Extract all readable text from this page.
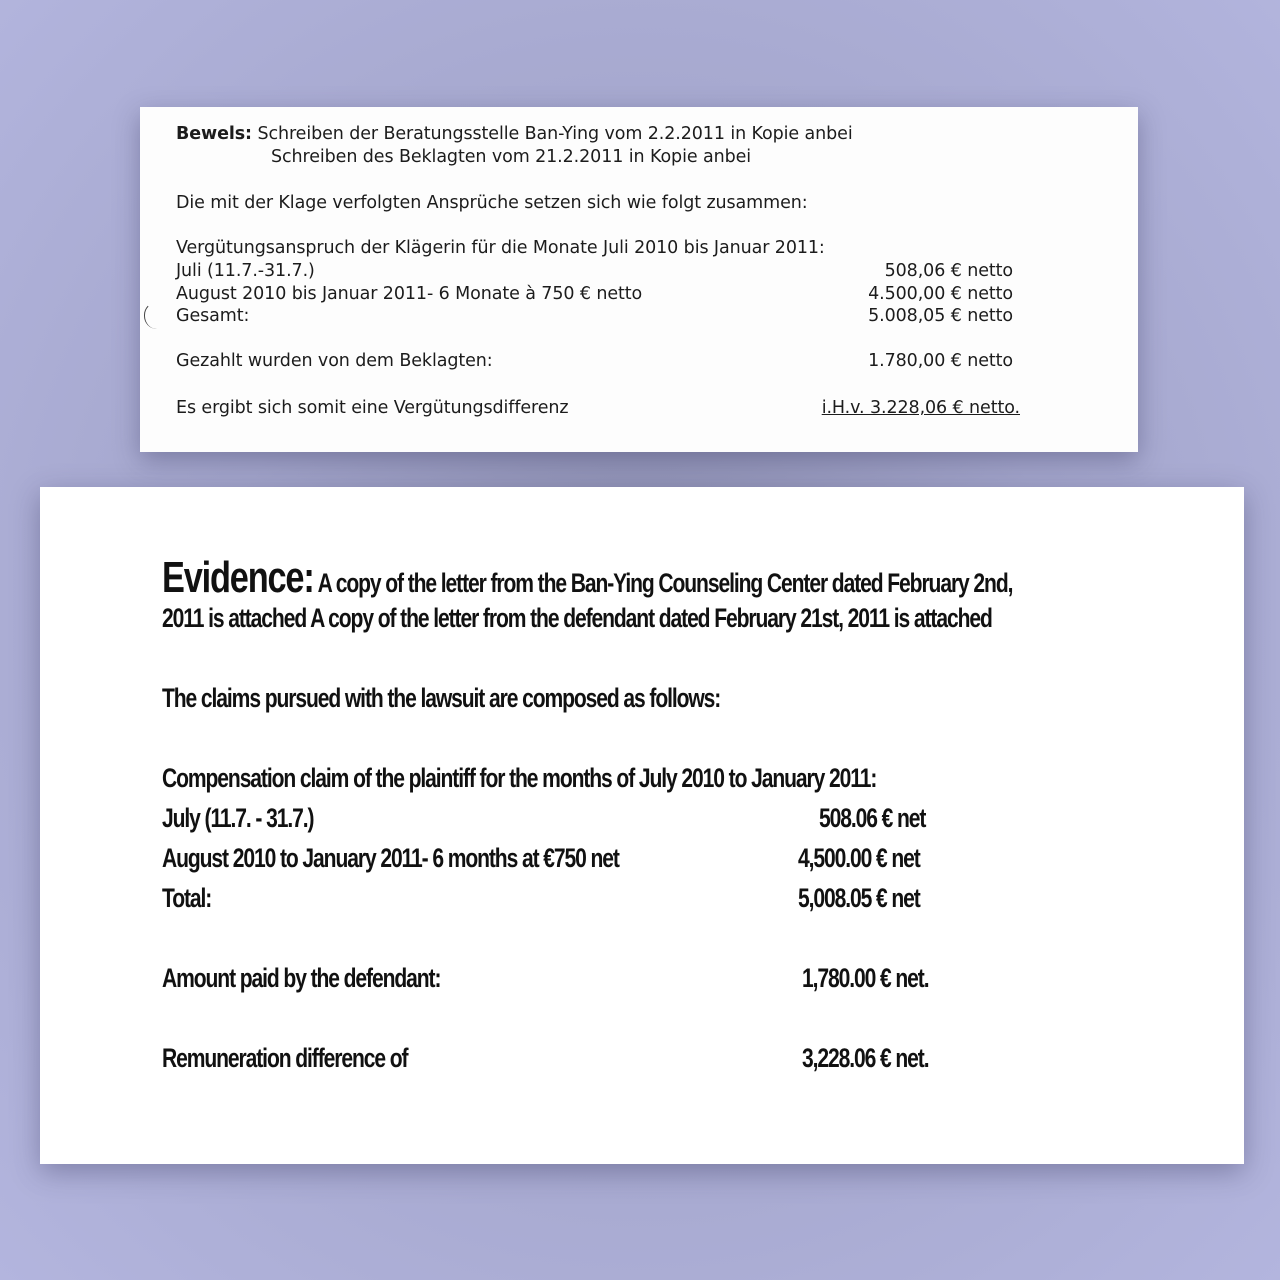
Bewels: Schreiben der Beratungsstelle Ban-Ying vom 2.2.2011 in Kopie anbei
Schreiben des Beklagten vom 21.2.2011 in Kopie anbei
Die mit der Klage verfolgten Ansprüche setzen sich wie folgt zusammen:
Vergütungsanspruch der Klägerin für die Monate Juli 2010 bis Januar 2011:
Juli (11.7.-31.7.)	508,06 € netto
August 2010 bis Januar 2011- 6 Monate à 750 € netto	4.500,00 € netto
Gesamt:	5.008,05 € netto
Gezahlt wurden von dem Beklagten:	1.780,00 € netto
Es ergibt sich somit eine Vergütungsdifferenz	i.H.v. 3.228,06 € netto.
Evidence: A copy of the letter from the Ban-Ying Counseling Center dated February 2nd,
2011 is attached A copy of the letter from the defendant dated February 21st, 2011 is attached
The claims pursued with the lawsuit are composed as follows:
Compensation claim of the plaintiff for the months of July 2010 to January 2011:
July (11.7. - 31.7.)	508.06 € net
August 2010 to January 2011- 6 months at €750 net	4,500.00 € net
Total:	5,008.05 € net
Amount paid by the defendant:	1,780.00 € net.
Remuneration difference of	3,228.06 € net.
